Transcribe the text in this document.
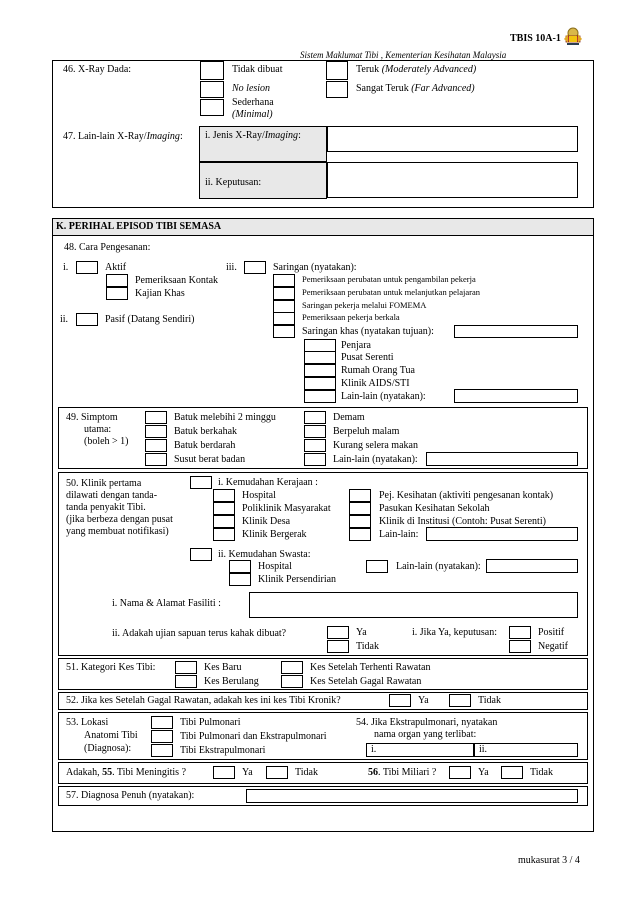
TBIS 10A-1
Sistem Maklumat Tibi , Kementerian Kesihatan Malaysia
46. X-Ray Dada:	Tidak dibuat
No lesion
Sederhana
(Minimal)
Teruk (Moderately Advanced)
Sangat Teruk (Far Advanced)
47. Lain-lain X-Ray/Imaging: i. Jenis X-Ray/Imaging:
ii. Keputusan:
K. PERIHAL EPISOD TIBI SEMASA
48. Cara Pengesanan:
i.	Aktif
Pemeriksaan Kontak
Kajian Khas
ii.	Pasif (Datang Sendiri)
iii.	Saringan (nyatakan):
Pemeriksaan perubatan untuk pengambilan pekerja
Pemeriksaan perubatan untuk melanjutkan pelajaran
Saringan pekerja melalui FOMEMA
Pemeriksaan pekerja berkala
Saringan khas (nyatakan tujuan):
Penjara
Pusat Serenti
Rumah Orang Tua
Klinik AIDS/STI
Lain-lain (nyatakan):
49. Simptom
utama:
(boleh > 1)
Batuk melebihi 2 minggu
Batuk berkahak
Batuk berdarah
Susut berat badan
Demam
Berpeluh malam
Kurang selera makan
Lain-lain (nyatakan):
50. Klinik pertama
dilawati dengan tanda-
tanda penyakit Tibi.
(jika berbeza dengan pusat
yang membuat notifikasi)
i. Kemudahan Kerajaan :
Hospital
Poliklinik Masyarakat
Klinik Desa
Klinik Bergerak
Pej. Kesihatan (aktiviti pengesanan kontak)
Pasukan Kesihatan Sekolah
Klinik di Institusi (Contoh: Pusat Serenti)
Lain-lain:
ii. Kemudahan Swasta:
Hospital
Klinik Persendirian
Lain-lain (nyatakan):
i. Nama & Alamat Fasiliti :
ii. Adakah ujian sapuan terus kahak dibuat?	Ya
Tidak
i. Jika Ya, keputusan:	Positif
Negatif
51. Kategori Kes Tibi:	Kes Baru
Kes Berulang
Kes Setelah Terhenti Rawatan
Kes Setelah Gagal Rawatan
52. Jika kes Setelah Gagal Rawatan, adakah kes ini kes Tibi Kronik?	Ya	Tidak
53. Lokasi
Anatomi Tibi
(Diagnosa):
Tibi Pulmonari
Tibi Pulmonari dan Ekstrapulmonari
Tibi Ekstrapulmonari
54. Jika Ekstrapulmonari, nyatakan
nama organ yang terlibat:
i.	ii.
Adakah, 55. Tibi Meningitis ?	Ya	Tidak	56. Tibi Miliari ?	Ya	Tidak
57. Diagnosa Penuh (nyatakan):
mukasurat 3 / 4
